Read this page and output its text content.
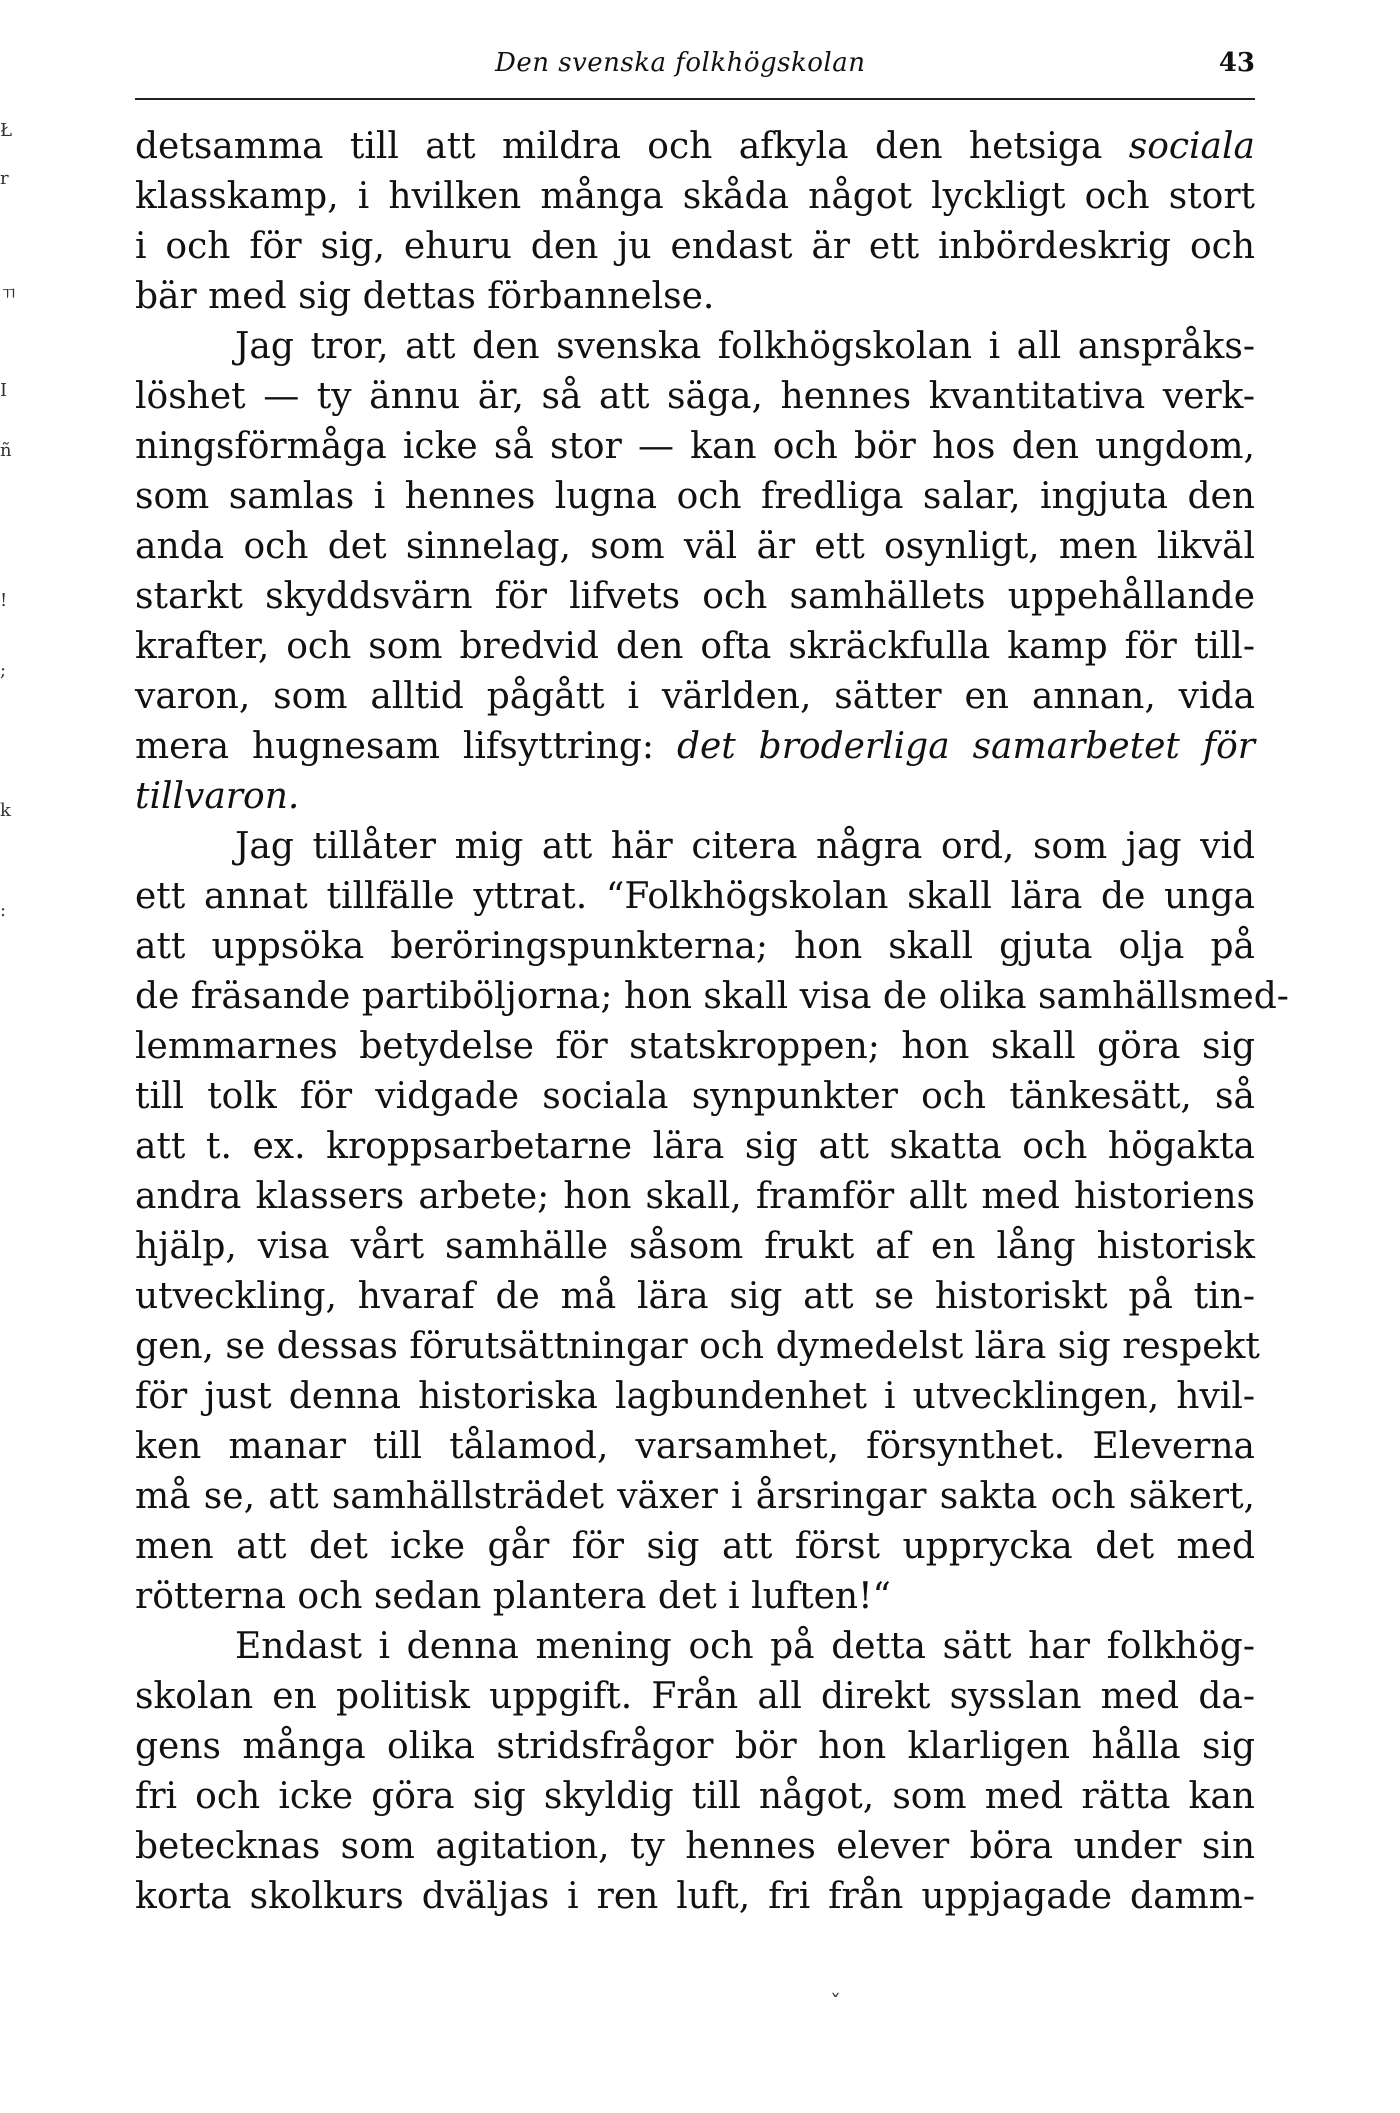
Den svenska folkhögskolan	43
Ł
r
ㄲ
I
ñ
!
;
k
:
detsamma till att mildra och afkyla den hetsiga sociala
klasskamp, i hvilken många skåda något lyckligt och stort
i och för sig, ehuru den ju endast är ett inbördeskrig och
bär med sig dettas förbannelse.
Jag tror, att den svenska folkhögskolan i all anspråks-
löshet — ty ännu är, så att säga, hennes kvantitativa verk-
ningsförmåga icke så stor — kan och bör hos den ungdom,
som samlas i hennes lugna och fredliga salar, ingjuta den
anda och det sinnelag, som väl är ett osynligt, men likväl
starkt skyddsvärn för lifvets och samhällets uppehållande
krafter, och som bredvid den ofta skräckfulla kamp för till-
varon, som alltid pågått i världen, sätter en annan, vida
mera hugnesam lifsyttring: det broderliga samarbetet för
tillvaron.
Jag tillåter mig att här citera några ord, som jag vid
ett annat tillfälle yttrat. “Folkhögskolan skall lära de unga
att uppsöka beröringspunkterna; hon skall gjuta olja på
de fräsande partiböljorna; hon skall visa de olika samhällsmed-
lemmarnes betydelse för statskroppen; hon skall göra sig
till tolk för vidgade sociala synpunkter och tänkesätt, så
att t. ex. kroppsarbetarne lära sig att skatta och högakta
andra klassers arbete; hon skall, framför allt med historiens
hjälp, visa vårt samhälle såsom frukt af en lång historisk
utveckling, hvaraf de må lära sig att se historiskt på tin-
gen, se dessas förutsättningar och dymedelst lära sig respekt
för just denna historiska lagbundenhet i utvecklingen, hvil-
ken manar till tålamod, varsamhet, försynthet. Eleverna
må se, att samhällsträdet växer i årsringar sakta och säkert,
men att det icke går för sig att först upprycka det med
rötterna och sedan plantera det i luften!“
Endast i denna mening och på detta sätt har folkhög-
skolan en politisk uppgift. Från all direkt sysslan med da-
gens många olika stridsfrågor bör hon klarligen hålla sig
fri och icke göra sig skyldig till något, som med rätta kan
betecknas som agitation, ty hennes elever böra under sin
korta skolkurs dväljas i ren luft, fri från uppjagade damm-
ˇ
